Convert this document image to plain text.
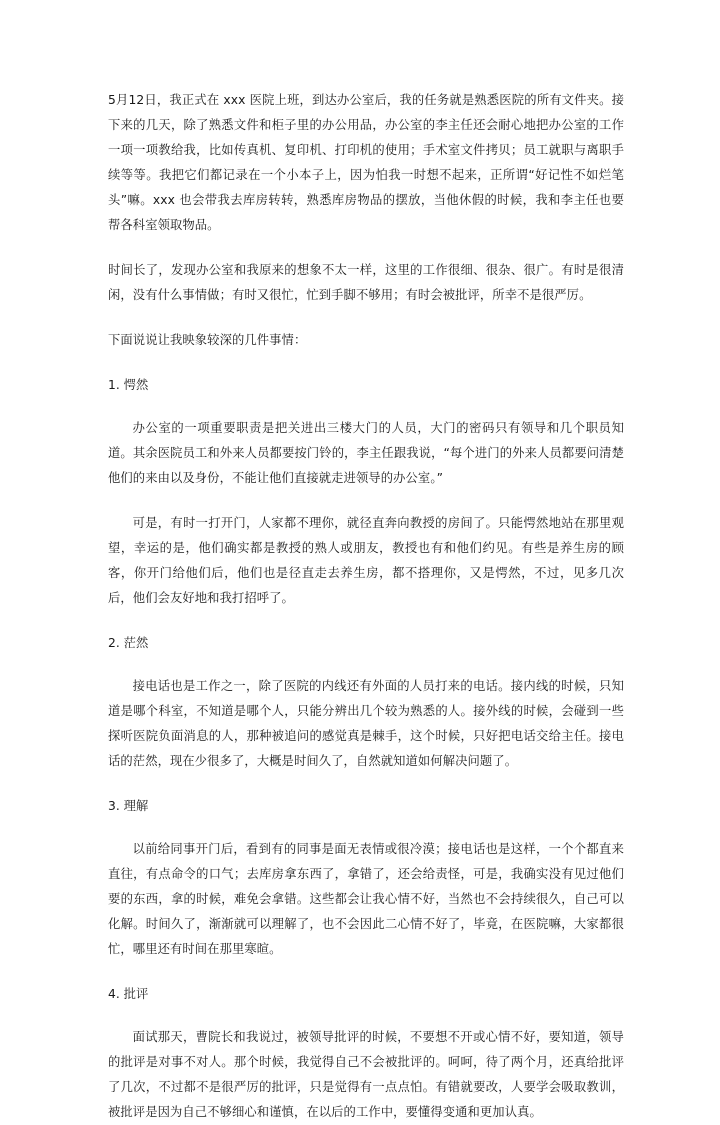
5月12日，我正式在 xxx 医院上班，到达办公室后，我的任务就是熟悉医院的所有文件夹。接下来的几天，除了熟悉文件和柜子里的办公用品，办公室的李主任还会耐心地把办公室的工作一项一项教给我，比如传真机、复印机、打印机的使用；手术室文件拷贝；员工就职与离职手续等等。我把它们都记录在一个小本子上，因为怕我一时想不起来，正所谓“好记性不如烂笔头”嘛。xxx 也会带我去库房转转，熟悉库房物品的摆放，当他休假的时候，我和李主任也要帮各科室领取物品。

时间长了，发现办公室和我原来的想象不太一样，这里的工作很细、很杂、很广。有时是很清闲，没有什么事情做；有时又很忙，忙到手脚不够用；有时会被批评，所幸不是很严厉。

下面说说让我映象较深的几件事情：

1. 愕然

办公室的一项重要职责是把关进出三楼大门的人员，大门的密码只有领导和几个职员知道。其余医院员工和外来人员都要按门铃的，李主任跟我说，“每个进门的外来人员都要问清楚他们的来由以及身份，不能让他们直接就走进领导的办公室。”

可是，有时一打开门，人家都不理你，就径直奔向教授的房间了。只能愕然地站在那里观望，幸运的是，他们确实都是教授的熟人或朋友，教授也有和他们约见。有些是养生房的顾客，你开门给他们后，他们也是径直走去养生房，都不搭理你，又是愕然，不过，见多几次后，他们会友好地和我打招呼了。

2. 茫然

接电话也是工作之一，除了医院的内线还有外面的人员打来的电话。接内线的时候，只知道是哪个科室，不知道是哪个人，只能分辨出几个较为熟悉的人。接外线的时候，会碰到一些探听医院负面消息的人，那种被追问的感觉真是棘手，这个时候，只好把电话交给主任。接电话的茫然，现在少很多了，大概是时间久了，自然就知道如何解决问题了。

3. 理解

以前给同事开门后，看到有的同事是面无表情或很冷漠；接电话也是这样，一个个都直来直往，有点命令的口气；去库房拿东西了，拿错了，还会给责怪，可是，我确实没有见过他们要的东西，拿的时候，难免会拿错。这些都会让我心情不好，当然也不会持续很久，自己可以化解。时间久了，渐渐就可以理解了，也不会因此二心情不好了，毕竟，在医院嘛，大家都很忙，哪里还有时间在那里寒暄。

4. 批评

面试那天，曹院长和我说过，被领导批评的时候，不要想不开或心情不好，要知道，领导的批评是对事不对人。那个时候，我觉得自己不会被批评的。呵呵，待了两个月，还真给批评了几次，不过都不是很严厉的批评，只是觉得有一点点怕。有错就要改，人要学会吸取教训，被批评是因为自己不够细心和谨慎，在以后的工作中，要懂得变通和更加认真。
